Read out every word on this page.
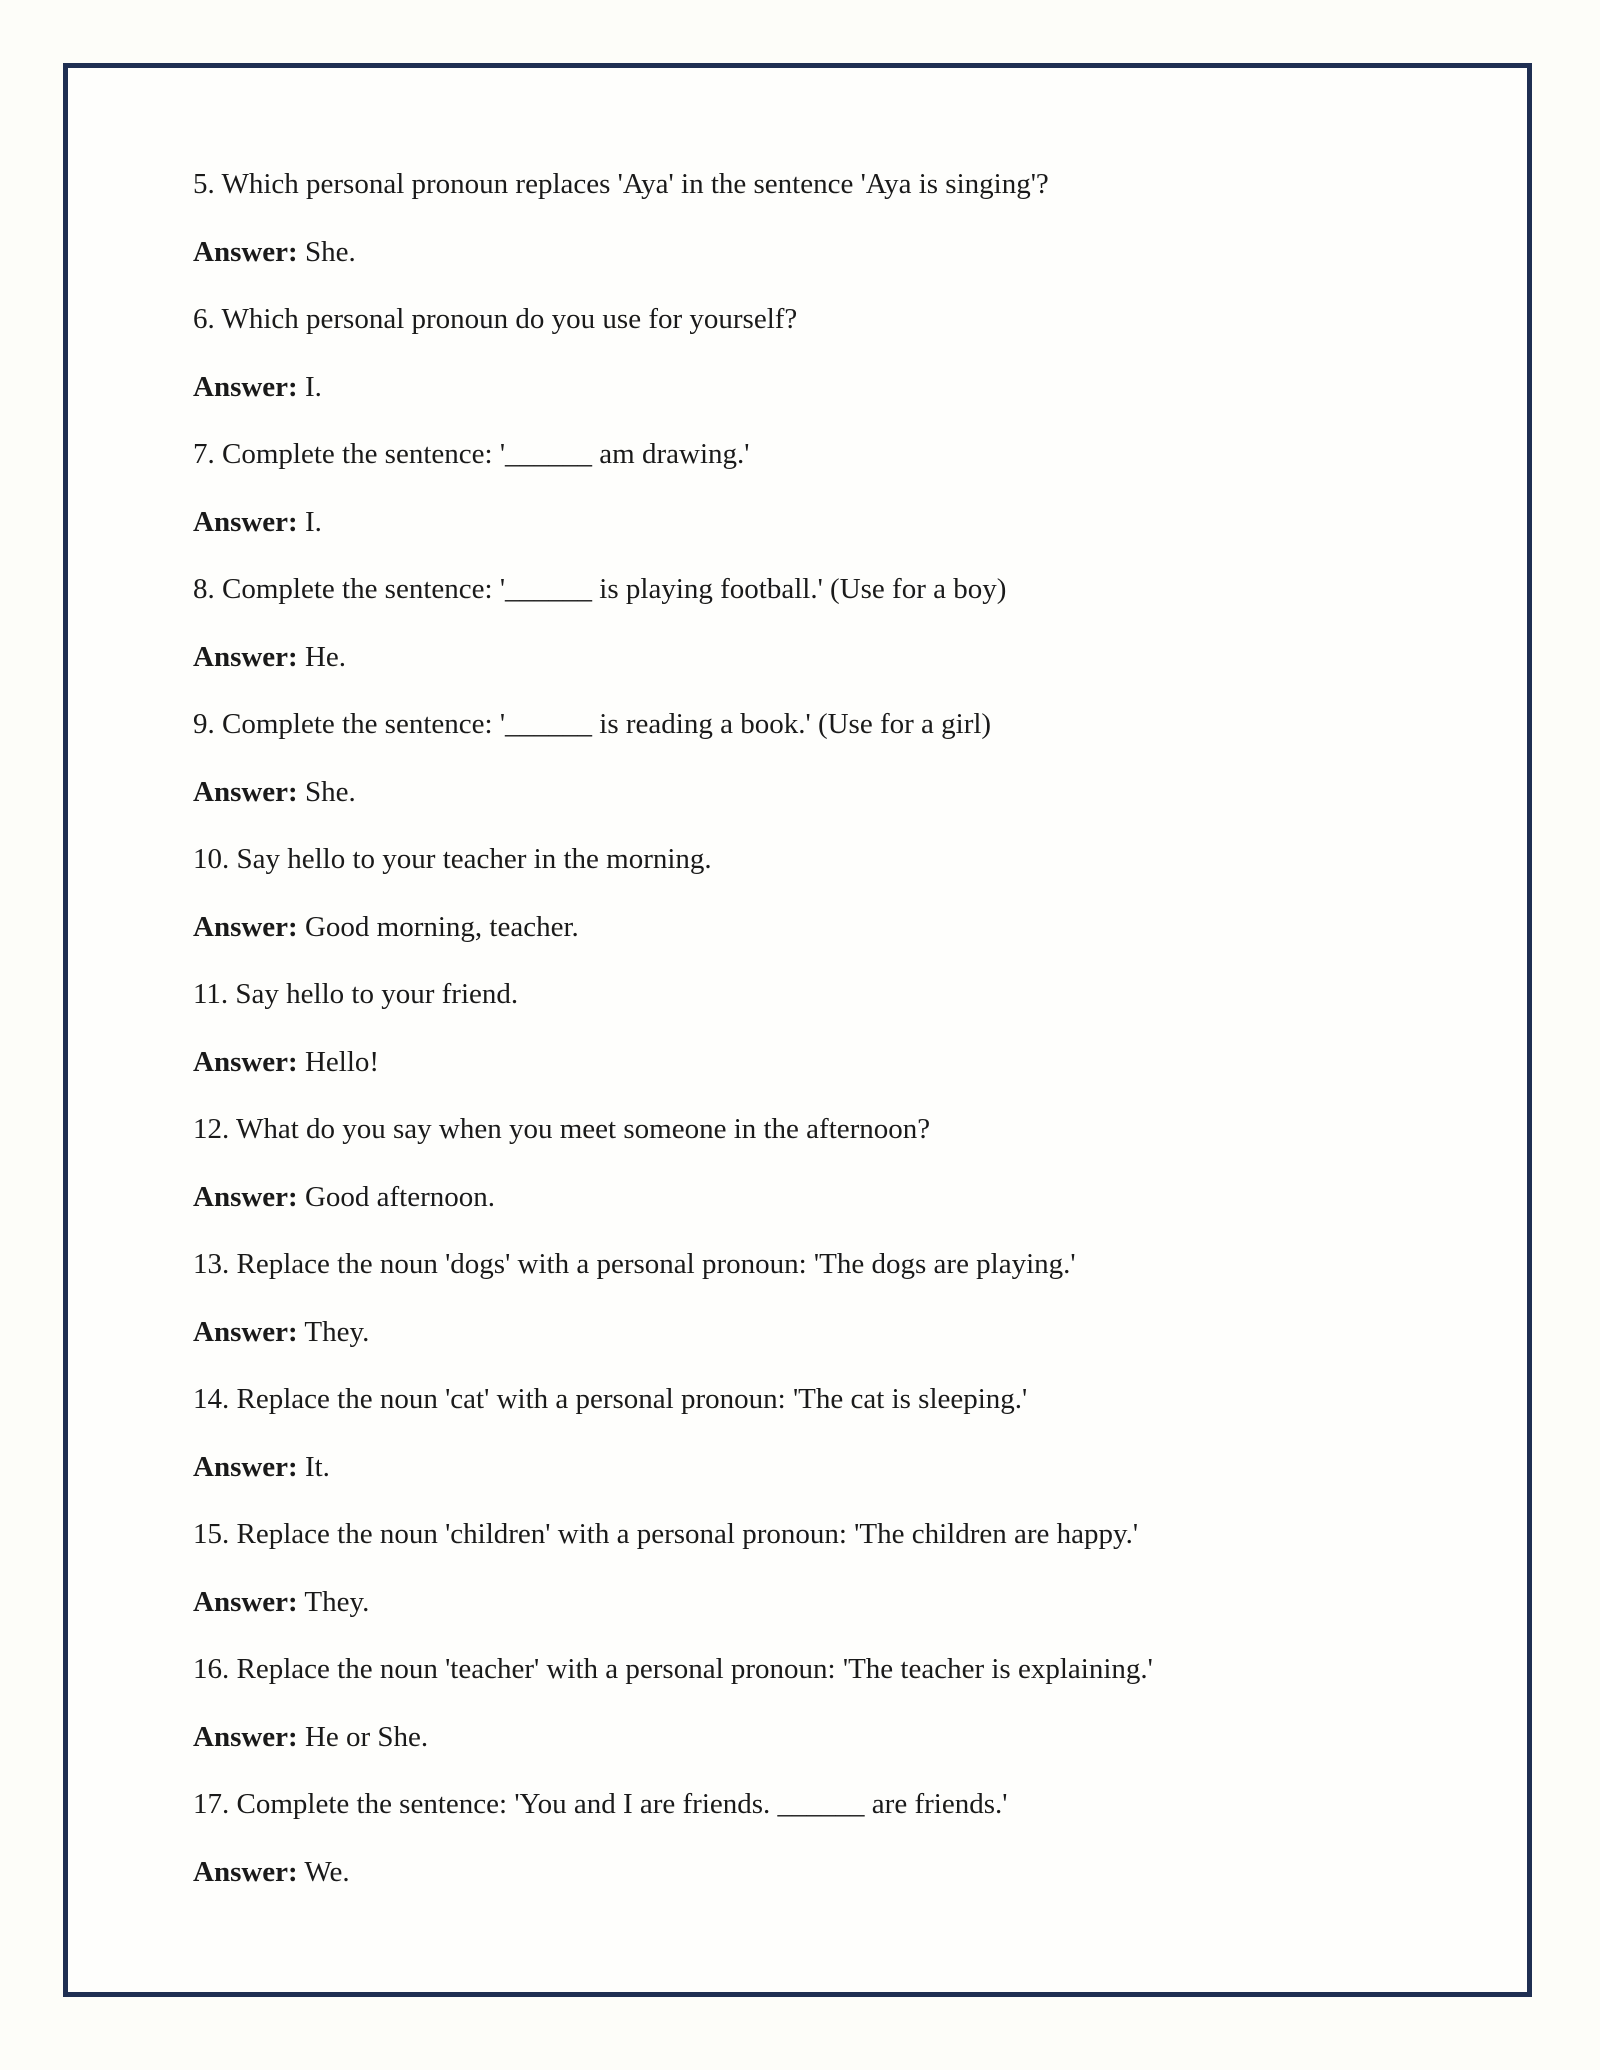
5. Which personal pronoun replaces 'Aya' in the sentence 'Aya is singing'?
Answer: She.
6. Which personal pronoun do you use for yourself?
Answer: I.
7. Complete the sentence: '______ am drawing.'
Answer: I.
8. Complete the sentence: '______ is playing football.' (Use for a boy)
Answer: He.
9. Complete the sentence: '______ is reading a book.' (Use for a girl)
Answer: She.
10. Say hello to your teacher in the morning.
Answer: Good morning, teacher.
11. Say hello to your friend.
Answer: Hello!
12. What do you say when you meet someone in the afternoon?
Answer: Good afternoon.
13. Replace the noun 'dogs' with a personal pronoun: 'The dogs are playing.'
Answer: They.
14. Replace the noun 'cat' with a personal pronoun: 'The cat is sleeping.'
Answer: It.
15. Replace the noun 'children' with a personal pronoun: 'The children are happy.'
Answer: They.
16. Replace the noun 'teacher' with a personal pronoun: 'The teacher is explaining.'
Answer: He or She.
17. Complete the sentence: 'You and I are friends. ______ are friends.'
Answer: We.
